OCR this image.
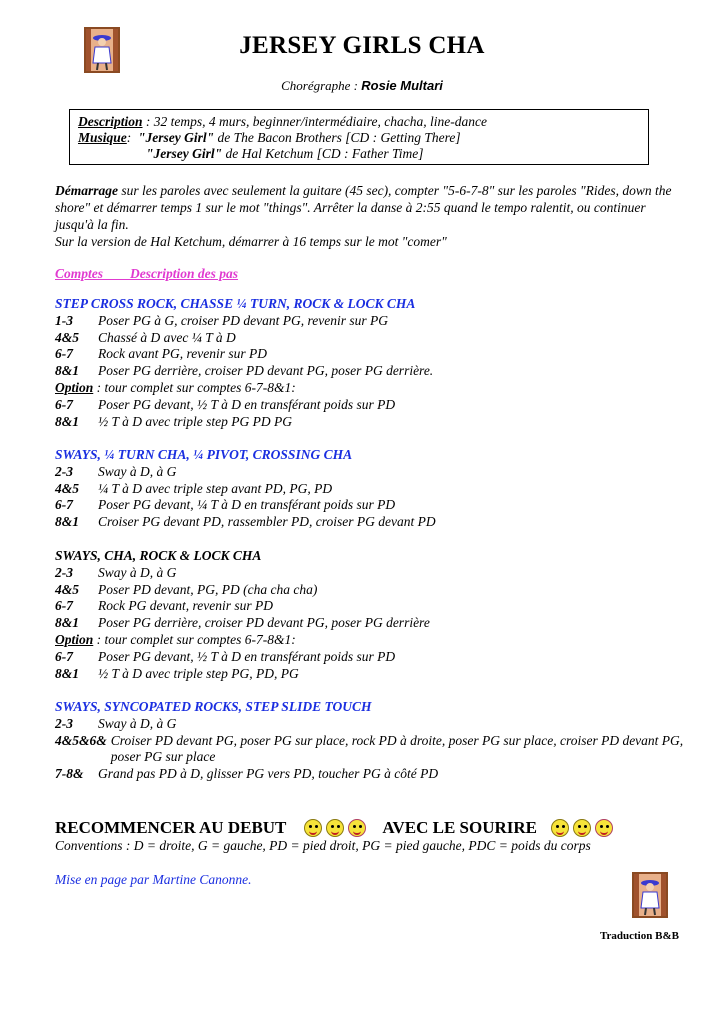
JERSEY GIRLS CHA
Chorégraphe : Rosie Multari
Description : 32 temps, 4 murs, beginner/intermédiaire, chacha, line-dance
Musique:  "Jersey Girl" de The Bacon Brothers [CD : Getting There]
"Jersey Girl" de Hal Ketchum [CD : Father Time]
Démarrage sur les paroles avec seulement la guitare (45 sec), compter "5-6-7-8" sur les paroles "Rides, down the shore" et démarrer temps 1 sur le mot "things". Arrêter la danse à 2:55 quand le tempo ralentit, ou continuer jusqu'à la fin.
Sur la version de Hal Ketchum, démarrer à 16 temps sur le mot "comer"
Comptes        Description des pas
STEP CROSS ROCK, CHASSE ¼ TURN, ROCK & LOCK CHA
1-3	Poser PG à G, croiser PD devant PG, revenir sur PG
4&5	Chassé à D avec ¼ T à D
6-7	Rock avant PG, revenir sur PD
8&1	Poser PG derrière, croiser PD devant PG, poser PG derrière.
Option : tour complet sur comptes 6-7-8&1:
6-7	Poser PG devant, ½ T à D en transférant poids sur PD
8&1	½ T à D avec triple step PG PD PG
SWAYS, ¼ TURN CHA, ¼ PIVOT, CROSSING CHA
2-3	Sway à D, à G
4&5	¼ T à D avec triple step avant PD, PG, PD
6-7	Poser PG devant, ¼ T à D en transférant poids sur PD
8&1	Croiser PG devant PD, rassembler PD, croiser PG devant PD
SWAYS, CHA, ROCK & LOCK CHA
2-3	Sway à D, à G
4&5	Poser PD devant, PG, PD (cha cha cha)
6-7	Rock PG devant, revenir sur PD
8&1	Poser PG derrière, croiser PD devant PG, poser PG derrière
Option : tour complet sur comptes 6-7-8&1:
6-7	Poser PG devant, ½ T à D en transférant poids sur PD
8&1	½ T à D avec triple step PG, PD, PG
SWAYS, SYNCOPATED ROCKS, STEP SLIDE TOUCH
2-3	Sway à D, à G
4&5&6& Croiser PD devant PG, poser PG sur place, rock PD à droite, poser PG sur place, croiser PD devant PG, poser PG sur place
7-8&	Grand pas PD à D, glisser PG vers PD, toucher PG à côté PD
RECOMMENCER AU DEBUT	AVEC LE SOURIRE
Conventions : D = droite, G = gauche, PD = pied droit, PG = pied gauche, PDC = poids du corps
Mise en page par Martine Canonne.
Traduction B&B
